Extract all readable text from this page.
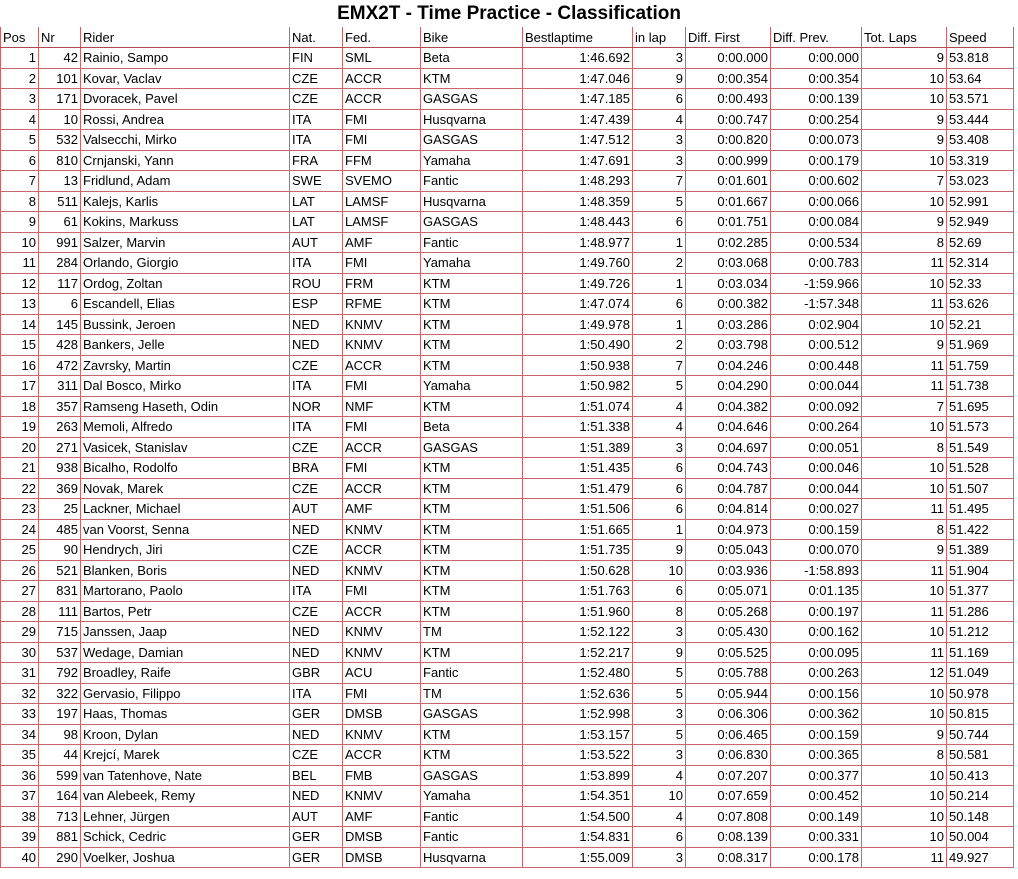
EMX2T - Time Practice - Classification
Pos	Nr	Rider	Nat.	Fed.	Bike	Bestlaptime	in lap	Diff. First	Diff. Prev.	Tot. Laps	Speed
1	42	Rainio, Sampo	FIN	SML	Beta	1:46.692	3	0:00.000	0:00.000	9	53.818
2	101	Kovar, Vaclav	CZE	ACCR	KTM	1:47.046	9	0:00.354	0:00.354	10	53.64
3	171	Dvoracek, Pavel	CZE	ACCR	GASGAS	1:47.185	6	0:00.493	0:00.139	10	53.571
4	10	Rossi, Andrea	ITA	FMI	Husqvarna	1:47.439	4	0:00.747	0:00.254	9	53.444
5	532	Valsecchi, Mirko	ITA	FMI	GASGAS	1:47.512	3	0:00.820	0:00.073	9	53.408
6	810	Crnjanski, Yann	FRA	FFM	Yamaha	1:47.691	3	0:00.999	0:00.179	10	53.319
7	13	Fridlund, Adam	SWE	SVEMO	Fantic	1:48.293	7	0:01.601	0:00.602	7	53.023
8	511	Kalejs, Karlis	LAT	LAMSF	Husqvarna	1:48.359	5	0:01.667	0:00.066	10	52.991
9	61	Kokins, Markuss	LAT	LAMSF	GASGAS	1:48.443	6	0:01.751	0:00.084	9	52.949
10	991	Salzer, Marvin	AUT	AMF	Fantic	1:48.977	1	0:02.285	0:00.534	8	52.69
11	284	Orlando, Giorgio	ITA	FMI	Yamaha	1:49.760	2	0:03.068	0:00.783	11	52.314
12	117	Ordog, Zoltan	ROU	FRM	KTM	1:49.726	1	0:03.034	-1:59.966	10	52.33
13	6	Escandell, Elias	ESP	RFME	KTM	1:47.074	6	0:00.382	-1:57.348	11	53.626
14	145	Bussink, Jeroen	NED	KNMV	KTM	1:49.978	1	0:03.286	0:02.904	10	52.21
15	428	Bankers, Jelle	NED	KNMV	KTM	1:50.490	2	0:03.798	0:00.512	9	51.969
16	472	Zavrsky, Martin	CZE	ACCR	KTM	1:50.938	7	0:04.246	0:00.448	11	51.759
17	311	Dal Bosco, Mirko	ITA	FMI	Yamaha	1:50.982	5	0:04.290	0:00.044	11	51.738
18	357	Ramseng Haseth, Odin	NOR	NMF	KTM	1:51.074	4	0:04.382	0:00.092	7	51.695
19	263	Memoli, Alfredo	ITA	FMI	Beta	1:51.338	4	0:04.646	0:00.264	10	51.573
20	271	Vasicek, Stanislav	CZE	ACCR	GASGAS	1:51.389	3	0:04.697	0:00.051	8	51.549
21	938	Bicalho, Rodolfo	BRA	FMI	KTM	1:51.435	6	0:04.743	0:00.046	10	51.528
22	369	Novak, Marek	CZE	ACCR	KTM	1:51.479	6	0:04.787	0:00.044	10	51.507
23	25	Lackner, Michael	AUT	AMF	KTM	1:51.506	6	0:04.814	0:00.027	11	51.495
24	485	van Voorst, Senna	NED	KNMV	KTM	1:51.665	1	0:04.973	0:00.159	8	51.422
25	90	Hendrych, Jiri	CZE	ACCR	KTM	1:51.735	9	0:05.043	0:00.070	9	51.389
26	521	Blanken, Boris	NED	KNMV	KTM	1:50.628	10	0:03.936	-1:58.893	11	51.904
27	831	Martorano, Paolo	ITA	FMI	KTM	1:51.763	6	0:05.071	0:01.135	10	51.377
28	111	Bartos, Petr	CZE	ACCR	KTM	1:51.960	8	0:05.268	0:00.197	11	51.286
29	715	Janssen, Jaap	NED	KNMV	TM	1:52.122	3	0:05.430	0:00.162	10	51.212
30	537	Wedage, Damian	NED	KNMV	KTM	1:52.217	9	0:05.525	0:00.095	11	51.169
31	792	Broadley, Raife	GBR	ACU	Fantic	1:52.480	5	0:05.788	0:00.263	12	51.049
32	322	Gervasio, Filippo	ITA	FMI	TM	1:52.636	5	0:05.944	0:00.156	10	50.978
33	197	Haas, Thomas	GER	DMSB	GASGAS	1:52.998	3	0:06.306	0:00.362	10	50.815
34	98	Kroon, Dylan	NED	KNMV	KTM	1:53.157	5	0:06.465	0:00.159	9	50.744
35	44	Krejcí, Marek	CZE	ACCR	KTM	1:53.522	3	0:06.830	0:00.365	8	50.581
36	599	van Tatenhove, Nate	BEL	FMB	GASGAS	1:53.899	4	0:07.207	0:00.377	10	50.413
37	164	van Alebeek, Remy	NED	KNMV	Yamaha	1:54.351	10	0:07.659	0:00.452	10	50.214
38	713	Lehner, Jürgen	AUT	AMF	Fantic	1:54.500	4	0:07.808	0:00.149	10	50.148
39	881	Schick, Cedric	GER	DMSB	Fantic	1:54.831	6	0:08.139	0:00.331	10	50.004
40	290	Voelker, Joshua	GER	DMSB	Husqvarna	1:55.009	3	0:08.317	0:00.178	11	49.927
